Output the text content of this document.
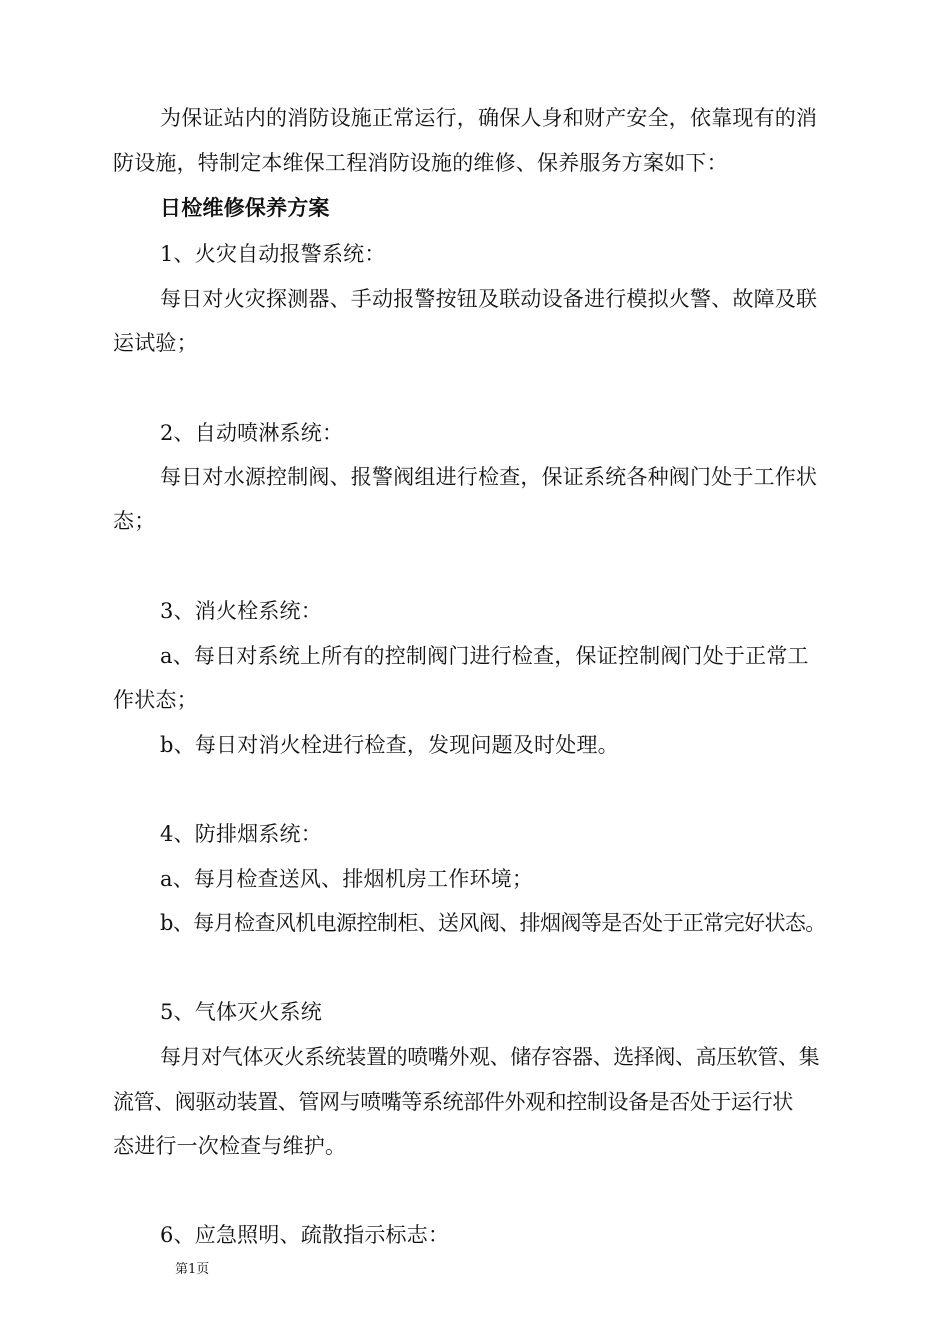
为保证站内的消防设施正常运行，确保人身和财产安全，依靠现有的消
防设施，特制定本维保工程消防设施的维修、保养服务方案如下：
日检维修保养方案
1、火灾自动报警系统：
每日对火灾探测器、手动报警按钮及联动设备进行模拟火警、故障及联
运试验；
2、自动喷淋系统：
每日对水源控制阀、报警阀组进行检查，保证系统各种阀门处于工作状
态；
3、消火栓系统：
a、每日对系统上所有的控制阀门进行检查，保证控制阀门处于正常工
作状态；
b、每日对消火栓进行检查，发现问题及时处理。
4、防排烟系统：
a、每月检查送风、排烟机房工作环境；
b、每月检查风机电源控制柜、送风阀、排烟阀等是否处于正常完好状态。
5、气体灭火系统
每月对气体灭火系统装置的喷嘴外观、储存容器、选择阀、高压软管、集
流管、阀驱动装置、管网与喷嘴等系统部件外观和控制设备是否处于运行状
态进行一次检查与维护。
6、应急照明、疏散指示标志：
第1页
